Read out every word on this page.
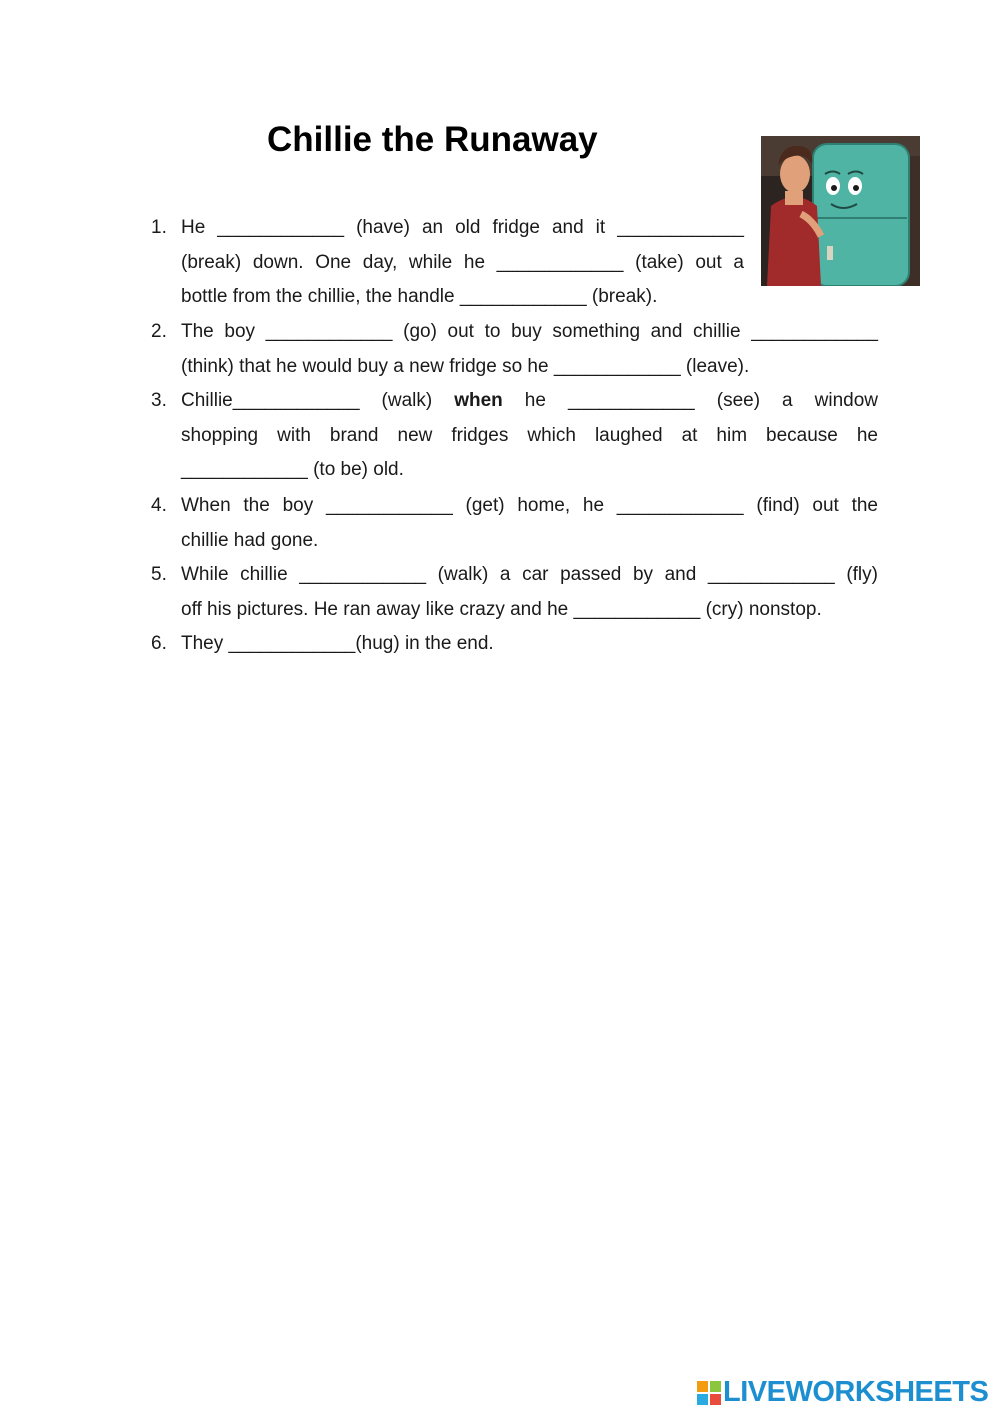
Chillie the Runaway
1. He ____________ (have) an old fridge and it ____________
(break) down. One day, while he ____________ (take) out a
bottle from the chillie, the handle ____________ (break).
2. The boy ____________ (go) out to buy something and chillie ____________
(think) that he would buy a new fridge so he ____________ (leave).
3. Chillie____________ (walk) when he ____________ (see) a window
shopping with brand new fridges which laughed at him because he
____________ (to be) old.
4. When the boy ____________ (get) home, he ____________ (find) out the
chillie had gone.
5. While chillie ____________ (walk) a car passed by and ____________ (fly)
off his pictures. He ran away like crazy and he ____________ (cry) nonstop.
6. They ____________(hug) in the end.
LIVEWORKSHEETS
